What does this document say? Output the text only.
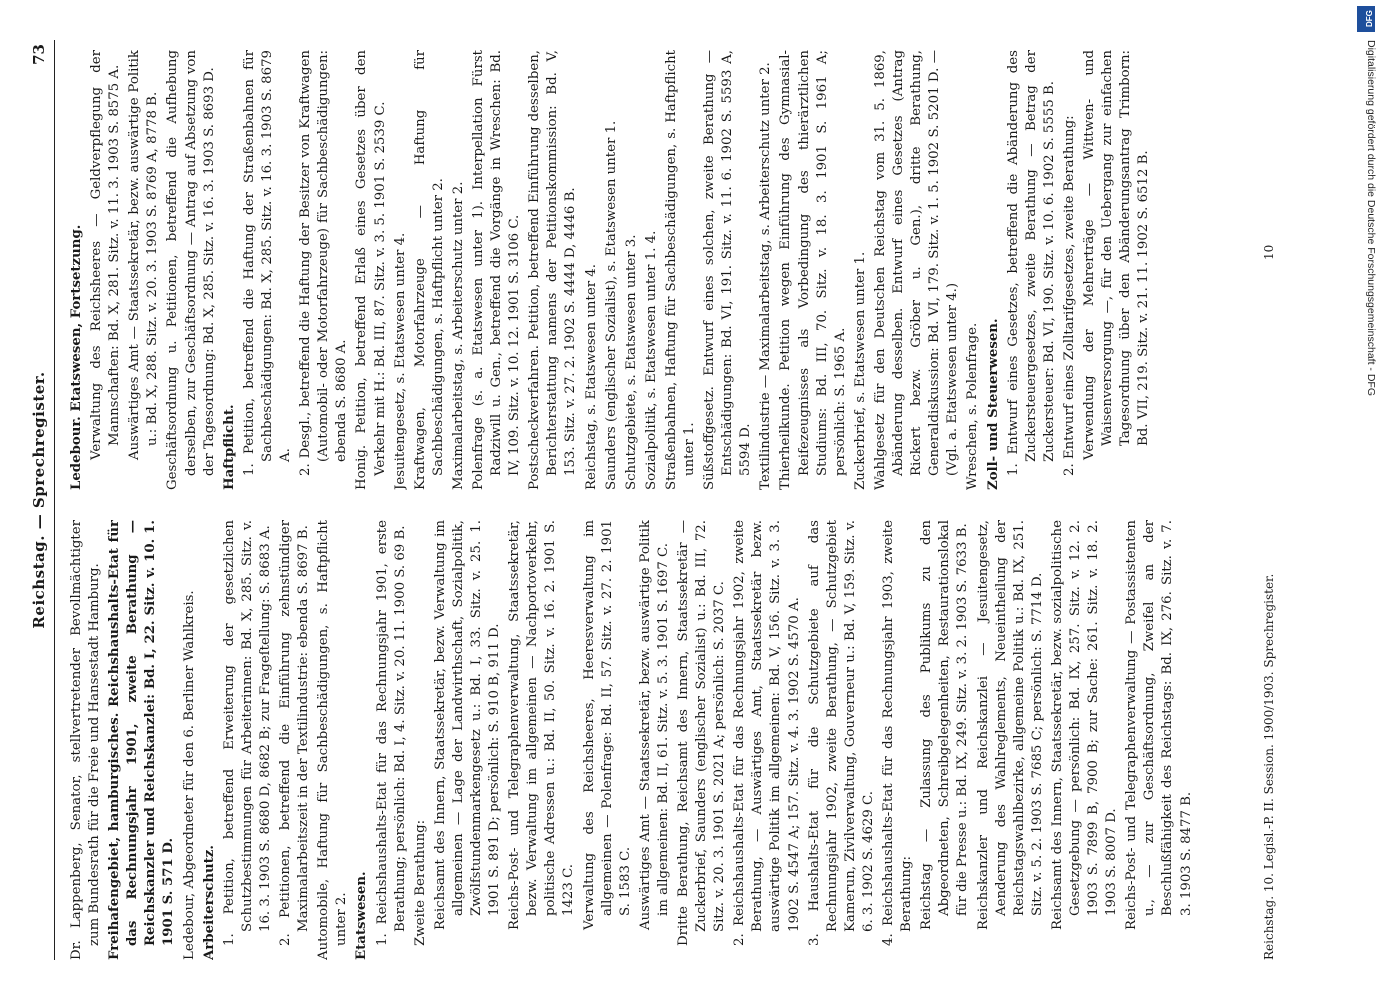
Reichstag. — Sprechregister.
73

Dr. Lappenberg, Senator, stellvertretender Bevollmächtigter zum Bundesrath für die Freie und Hansestadt Hamburg. Freihafengebiet, hamburgisches. Reichshaushalts-Etat für das Rechnungsjahr 1901, zweite Berathung — Reichskanzler und Reichskanzlei: Bd. I, 22. Sitz. v. 10. 1. 1901 S. 571 D. Ledebour, Abgeordneter für den 6. Berliner Wahlkreis. Arbeiterschutz. 1. Petition, betreffend Erweiterung der gesetzlichen Schutzbestimmungen für Arbeiterinnen: Bd. X, 285. Sitz. v. 16. 3. 1903 S. 8680 D, 8682 B; zur Frageſtellung: S. 8683 A. 2. Petitionen, betreffend die Einführung zehnstündiger Maximalarbeitszeit in der Textilindustrie: ebenda S. 8697 B. Automobile, Haftung für Sachbeschädigungen, s. Haftpflicht unter 2. Etatswesen. 1. Reichshaushalts-Etat für das Rechnungsjahr 1901, erste Berathung; persönlich: Bd. I, 4. Sitz. v. 20. 11. 1900 S. 69 B. Zweite Berathung: Reichsamt des Innern, Staatssekretär, bezw. Verwaltung im allgemeinen — Lage der Landwirthschaft, Sozialpolitik, Zwölfstundenmarkengesetz u.: Bd. I, 33. Sitz. v. 25. 1. 1901 S. 891 D; persönlich: S. 910 B, 911 D. Reichs-Post- und Telegraphenverwaltung, Staatssekretär, bezw. Verwaltung im allgemeinen — Nachportoverkehr, politische Adressen u.: Bd. II, 50. Sitz. v. 16. 2. 1901 S. 1423 C. Verwaltung des Reichsheeres, Heeresverwaltung im allgemeinen — Polenfrage: Bd. II, 57. Sitz. v. 27. 2. 1901 S. 1583 C. Auswärtiges Amt — Staatssekretär, bezw. auswärtige Politik im allgemeinen: Bd. II, 61. Sitz. v. 5. 3. 1901 S. 1697 C. Dritte Berathung, Reichsamt des Innern, Staatssekretär — Zuckerbrief, Saunders (englischer Sozialist) u.: Bd. III, 72. Sitz. v. 20. 3. 1901 S. 2021 A; persönlich: S. 2037 C. 2. Reichshaushalts-Etat für das Rechnungsjahr 1902, zweite Berathung, — Auswärtiges Amt, Staatssekretär bezw. auswärtige Politik im allgemeinen: Bd. V, 156. Sitz. v. 3. 3. 1902 S. 4547 A; 157. Sitz. v. 4. 3. 1902 S. 4570 A. 3. Haushalts-Etat für die Schutzgebiete auf das Rechnungsjahr 1902, zweite Berathung, — Schutzgebiet Kamerun, Zivilverwaltung, Gouverneur u.: Bd. V, 159. Sitz. v. 6. 3. 1902 S. 4629 C. 4. Reichshaushalts-Etat für das Rechnungsjahr 1903, zweite Berathung: Reichstag — Zulassung des Publikums zu den Abgeordneten, Schreibgelegenheiten, Restaurationslokal für die Presse u.: Bd. IX, 249. Sitz. v. 3. 2. 1903 S. 7633 B. Reichskanzler und Reichskanzlei — Jesuitengesetz, Aenderung des Wahlreglements, Neueintheilung der Reichstagswahlbezirke, allgemeine Politik u.: Bd. IX, 251. Sitz. v. 5. 2. 1903 S. 7685 C; persönlich: S. 7714 D. Reichsamt des Innern, Staatssekretär, bezw. sozialpolitische Gesetzgebung — persönlich: Bd. IX, 257. Sitz. v. 12. 2. 1903 S. 7899 B, 7900 B; zur Sache: 261. Sitz. v. 18. 2. 1903 S. 8007 D. Reichs-Post- und Telegraphenverwaltung — Postassistenten u., — zur Geschäftsordnung, Zweifel an der Beschlußfähigkeit des Reichstags: Bd. IX, 276. Sitz. v. 7. 3. 1903 S. 8477 B.

Ledebour. Etatswesen, Fortsetzung. Verwaltung des Reichsheeres — Geldverpflegung der Mannschaften: Bd. X, 281. Sitz. v. 11. 3. 1903 S. 8575 A. Auswärtiges Amt — Staatssekretär, bezw. auswärtige Politik u.: Bd. X, 288. Sitz. v. 20. 3. 1903 S. 8769 A, 8778 B. Geschäftsordnung u. Petitionen, betreffend die Aufhebung derselben, zur Geschäftsordnung — Antrag auf Absetzung von der Tagesordnung: Bd. X, 285. Sitz. v. 16. 3. 1903 S. 8693 D. Haftpflicht. 1. Petition, betreffend die Haftung der Straßenbahnen für Sachbeschädigungen: Bd. X, 285. Sitz. v. 16. 3. 1903 S. 8679 A. 2. Desgl., betreffend die Haftung der Besitzer von Kraftwagen (Automobil- oder Motorfahrzeuge) für Sachbeschädigungen: ebenda S. 8680 A. Honig. Petition, betreffend Erlaß eines Gesetzes über den Verkehr mit H.: Bd. III, 87. Sitz. v. 3. 5. 1901 S. 2539 C. Jesuitengesetz, s. Etatswesen unter 4. Kraftwagen, Motorfahrzeuge — Haftung für Sachbeschädigungen, s. Haftpflicht unter 2. Maximalarbeitstag, s. Arbeiterschutz unter 2. Polenfrage (s. a. Etatswesen unter 1). Interpellation Fürst Radziwill u. Gen., betreffend die Vorgänge in Wreschen: Bd. IV, 109. Sitz. v. 10. 12. 1901 S. 3106 C. Postscheckverfahren. Petition, betreffend Einführung desselben, Berichterstattung namens der Petitionskommission: Bd. V, 153. Sitz. v. 27. 2. 1902 S. 4444 D, 4446 B. Reichstag, s. Etatswesen unter 4. Saunders (englischer Sozialist), s. Etatswesen unter 1. Schutzgebiete, s. Etatswesen unter 3. Sozialpolitik, s. Etatswesen unter 1. 4. Straßenbahnen, Haftung für Sachbeschädigungen, s. Haftpflicht unter 1. Süßstoffgesetz. Entwurf eines solchen, zweite Berathung — Entschädigungen: Bd. VI, 191. Sitz. v. 11. 6. 1902 S. 5593 A, 5594 D. Textilindustrie — Maximalarbeitstag, s. Arbeiterschutz unter 2. Thierheilkunde. Petition wegen Einführung des Gymnasial-Reifezeugnisses als Vorbedingung des thierärztlichen Studiums: Bd. III, 70. Sitz. v. 18. 3. 1901 S. 1961 A; persönlich: S. 1965 A. Zuckerbrief, s. Etatswesen unter 1. Wahlgesetz für den Deutschen Reichstag vom 31. 5. 1869, Abänderung desselben. Entwurf eines Gesetzes (Antrag Rickert bezw. Gröber u. Gen.), dritte Berathung, Generaldiskussion: Bd. VI, 179. Sitz. v. 1. 5. 1902 S. 5201 D. — (Vgl. a. Etatswesen unter 4.) Wreschen, s. Polenfrage. Zoll- und Steuerwesen. 1. Entwurf eines Gesetzes, betreffend die Abänderung des Zuckersteuergesetzes, zweite Berathung — Betrag der Zuckersteuer: Bd. VI, 190. Sitz. v. 10. 6. 1902 S. 5555 B. 2. Entwurf eines Zolltarifgesetzes, zweite Berathung: Verwendung der Mehrerträge — Wittwen- und Waisenversorgung —, für den Uebergang zur einfachen Tagesordnung über den Abänderungsantrag Trimborn: Bd. VII, 219. Sitz. v. 21. 11. 1902 S. 6512 B.

Reichstag. 10. Legisl.-P. II. Session. 1900/1903. Sprechregister.
10
DFG
Digitalisierung gefördert durch die Deutsche Forschungsgemeinschaft - DFG
